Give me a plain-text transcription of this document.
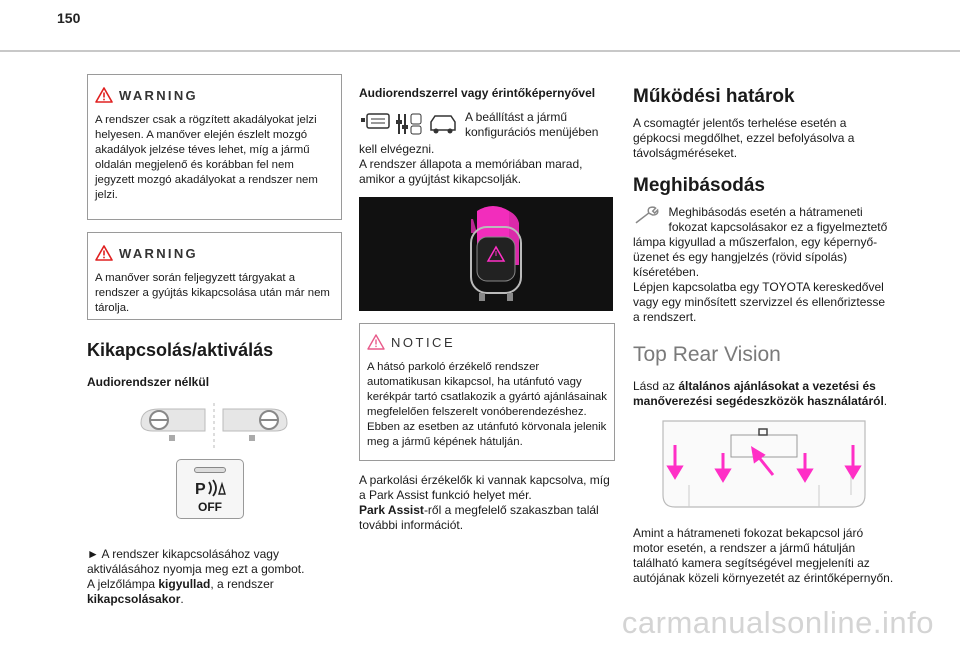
150
WARNING

A rendszer csak a rögzített akadályokat jelzi helyesen. A manőver elején észlelt mozgó akadályok jelzése téves lehet, míg a jármű oldalán megjelenő és korábban fel nem jegyzett mozgó akadályokat a rendszer nem jelzi.

WARNING

A manőver során feljegyzett tárgyakat a rendszer a gyújtás kikapcsolása után már nem tárolja.

Kikapcsolás/aktiválás
Audiorendszer nélkül
P
OFF

► A rendszer kikapcsolásához vagy aktiválásához nyomja meg ezt a gombot.

A jelzőlámpa kigyullad, a rendszer kikapcsolásakor.

Audiorendszerrel vagy érintőképernyővel

A beállítást a jármű konfigurációs menüjében

kell elvégezni.
A rendszer állapota a memóriában marad, amikor a gyújtást kikapcsolják.

NOTICE

A hátsó parkoló érzékelő rendszer automatikusan kikapcsol, ha utánfutó vagy kerékpár tartó csatlakozik a gyártó ajánlásainak megfelelően felszerelt vonóberendezéshez.
Ebben az esetben az utánfutó körvonala jelenik meg a jármű képének hátulján.

A parkolási érzékelők ki vannak kapcsolva, míg a Park Assist funkció helyet mér.

Park Assist-ről a megfelelő szakaszban talál további információt.

Működési határok

A csomagtér jelentős terhelése esetén a gépkocsi megdőlhet, ezzel befolyásolva a távolságméréseket.

Meghibásodás

Meghibásodás esetén a hátrameneti fokozat kapcsolásakor ez a figyelmeztető

lámpa kigyullad a műszerfalon, egy képernyő-üzenet és egy hangjelzés (rövid sípolás) kíséretében.
Lépjen kapcsolatba egy TOYOTA kereskedővel vagy egy minősített szervizzel és ellenőriztesse a rendszert.

Top Rear Vision

Lásd az általános ajánlásokat a vezetési és manőverezési segédeszközök használatáról.

Amint a hátrameneti fokozat bekapcsol járó motor esetén, a rendszer a jármű hátulján található kamera segítségével megjeleníti az autójának közeli környezetét az érintőképernyőn.

carmanualsonline.info
